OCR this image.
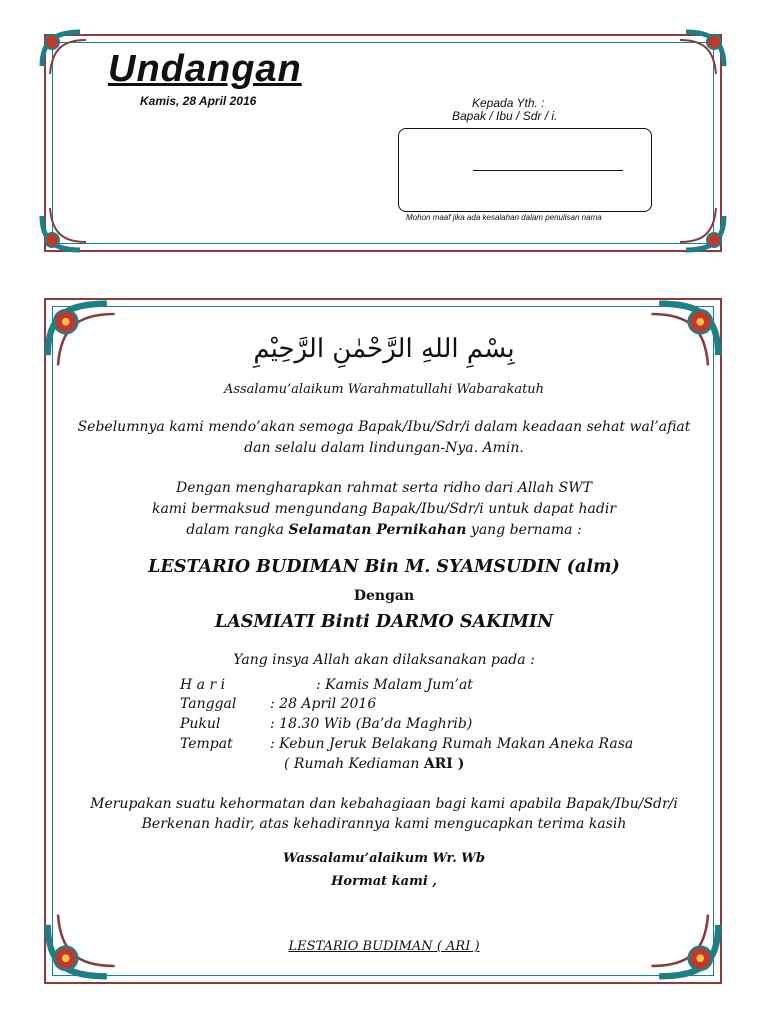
Undangan
Kamis, 28 April 2016	Kepada Yth. :
Bapak / Ibu / Sdr / i.
Mohon maaf jika ada kesalahan dalam penulisan nama
بِسْمِ اللهِ الرَّحْمٰنِ الرَّحِيْمِ
Assalamu’alaikum Warahmatullahi Wabarakatuh
Sebelumnya kami mendo’akan semoga Bapak/Ibu/Sdr/i dalam keadaan sehat wal’afiat
dan selalu dalam lindungan-Nya. Amin.
Dengan mengharapkan rahmat serta ridho dari Allah SWT
kami bermaksud mengundang Bapak/Ibu/Sdr/i untuk dapat hadir
dalam rangka Selamatan Pernikahan yang bernama :
LESTARIO BUDIMAN Bin M. SYAMSUDIN (alm)
Dengan
LASMIATI Binti DARMO SAKIMIN
Yang insya Allah akan dilaksanakan pada :
H a r i	: Kamis Malam Jum’at
Tanggal : 28 April 2016
Pukul	: 18.30 Wib (Ba’da Maghrib)
Tempat	: Kebun Jeruk Belakang Rumah Makan Aneka Rasa
( Rumah Kediaman ARI )
Merupakan suatu kehormatan dan kebahagiaan bagi kami apabila Bapak/Ibu/Sdr/i
Berkenan hadir, atas kehadirannya kami mengucapkan terima kasih
Wassalamu’alaikum Wr. Wb
Hormat kami ,
LESTARIO BUDIMAN ( ARI )
